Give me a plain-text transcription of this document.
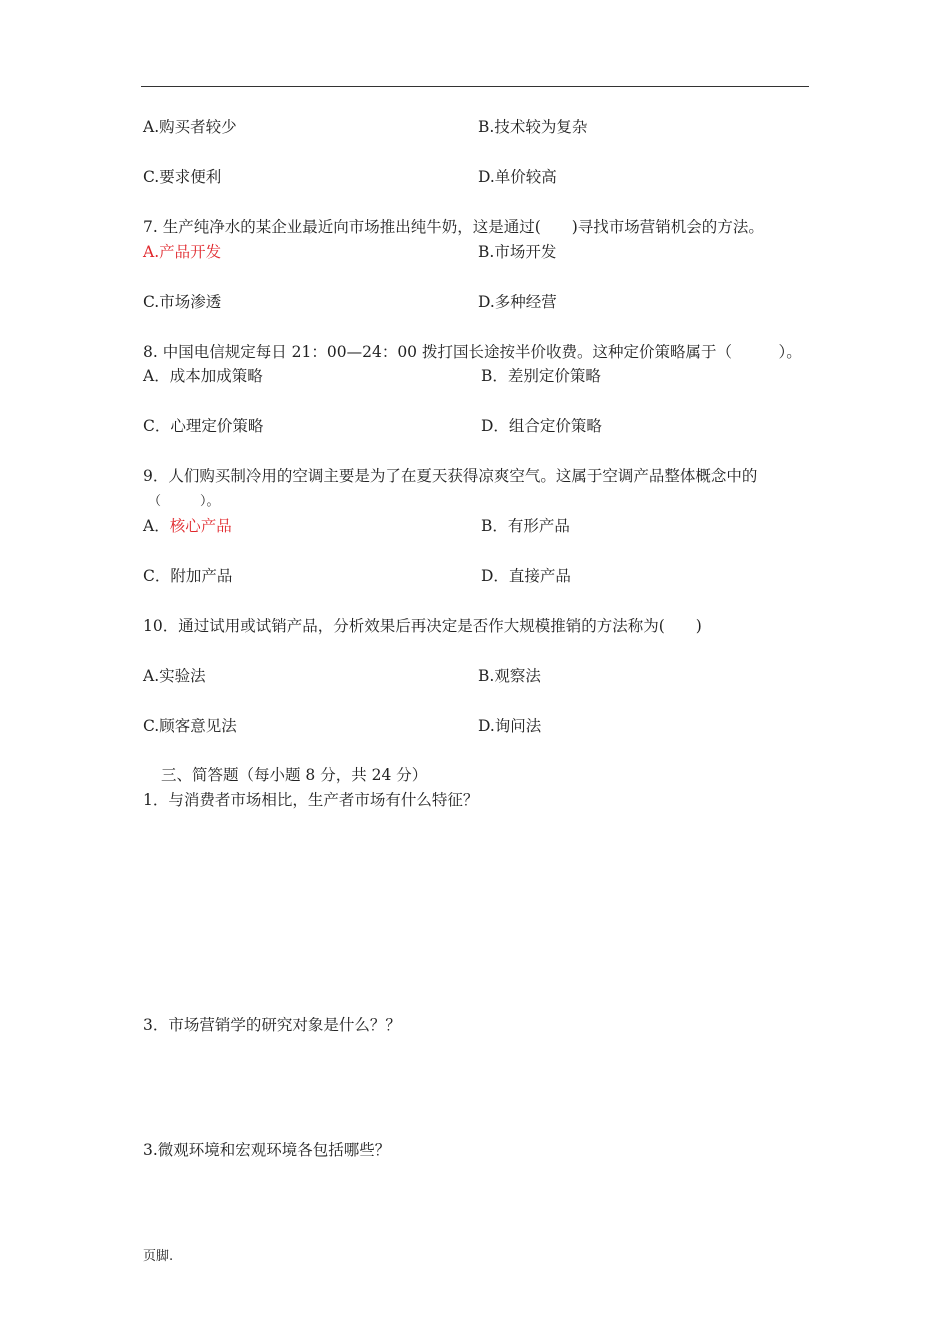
A.购买者较少	B.技术较为复杂
C.要求便利	D.单价较高
7. 生产纯净水的某企业最近向市场推出纯牛奶，这是通过(　　)寻找市场营销机会的方法。
A.产品开发	B.市场开发
C.市场渗透	D.多种经营
8. 中国电信规定每日 21：00—24：00 拨打国长途按半价收费。这种定价策略属于（　　　）。
A．成本加成策略	B．差别定价策略
C．心理定价策略	D．组合定价策略
9．人们购买制冷用的空调主要是为了在夏天获得凉爽空气。这属于空调产品整体概念中的
（　　　）。
A．核心产品	B．有形产品
C．附加产品	D．直接产品
10．通过试用或试销产品，分析效果后再决定是否作大规模推销的方法称为(　　)
A.实验法	B.观察法
C.顾客意见法	D.询问法
三、简答题（每小题 8 分，共 24 分）
1．与消费者市场相比，生产者市场有什么特征？
3．市场营销学的研究对象是什么？？
3.微观环境和宏观环境各包括哪些？
页脚.
